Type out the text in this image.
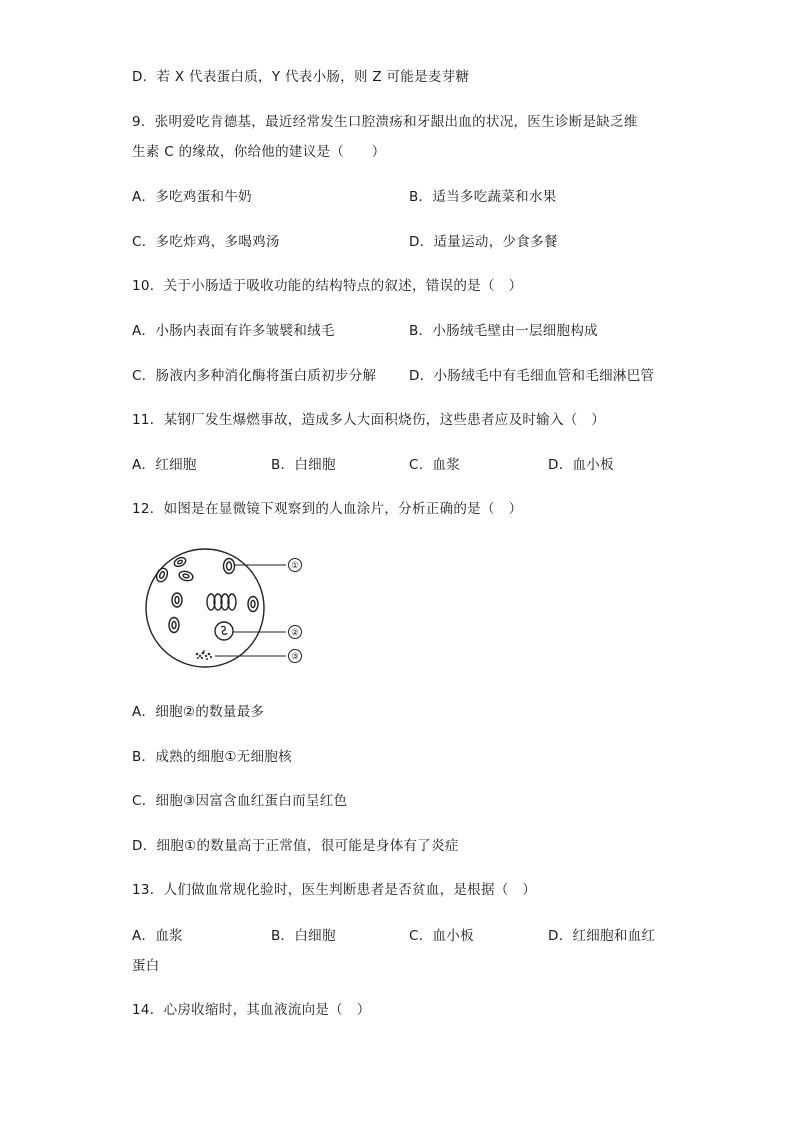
D．若 X 代表蛋白质，Y 代表小肠，则 Z 可能是麦芽糖
9．张明爱吃肯德基，最近经常发生口腔溃疡和牙龈出血的状况，医生诊断是缺乏维
生素 C 的缘故，你给他的建议是（　　）
A．多吃鸡蛋和牛奶	B．适当多吃蔬菜和水果
C．多吃炸鸡，多喝鸡汤	D．适量运动，少食多餐
10．关于小肠适于吸收功能的结构特点的叙述，错误的是（　）
A．小肠内表面有许多皱襞和绒毛	B．小肠绒毛壁由一层细胞构成
C．肠液内多种消化酶将蛋白质初步分解 D．小肠绒毛中有毛细血管和毛细淋巴管
11．某钢厂发生爆燃事故，造成多人大面积烧伤，这些患者应及时输入（　）
A．红细胞	B．白细胞	C．血浆	D．血小板
12．如图是在显微镜下观察到的人血涂片，分析正确的是（　）
①
②
③
A．细胞②的数量最多
B．成熟的细胞①无细胞核
C．细胞③因富含血红蛋白而呈红色
D．细胞①的数量高于正常值，很可能是身体有了炎症
13．人们做血常规化验时，医生判断患者是否贫血，是根据（　）
A．血浆	B．白细胞	C．血小板	D．红细胞和血红
蛋白
14．心房收缩时，其血液流向是（　）
